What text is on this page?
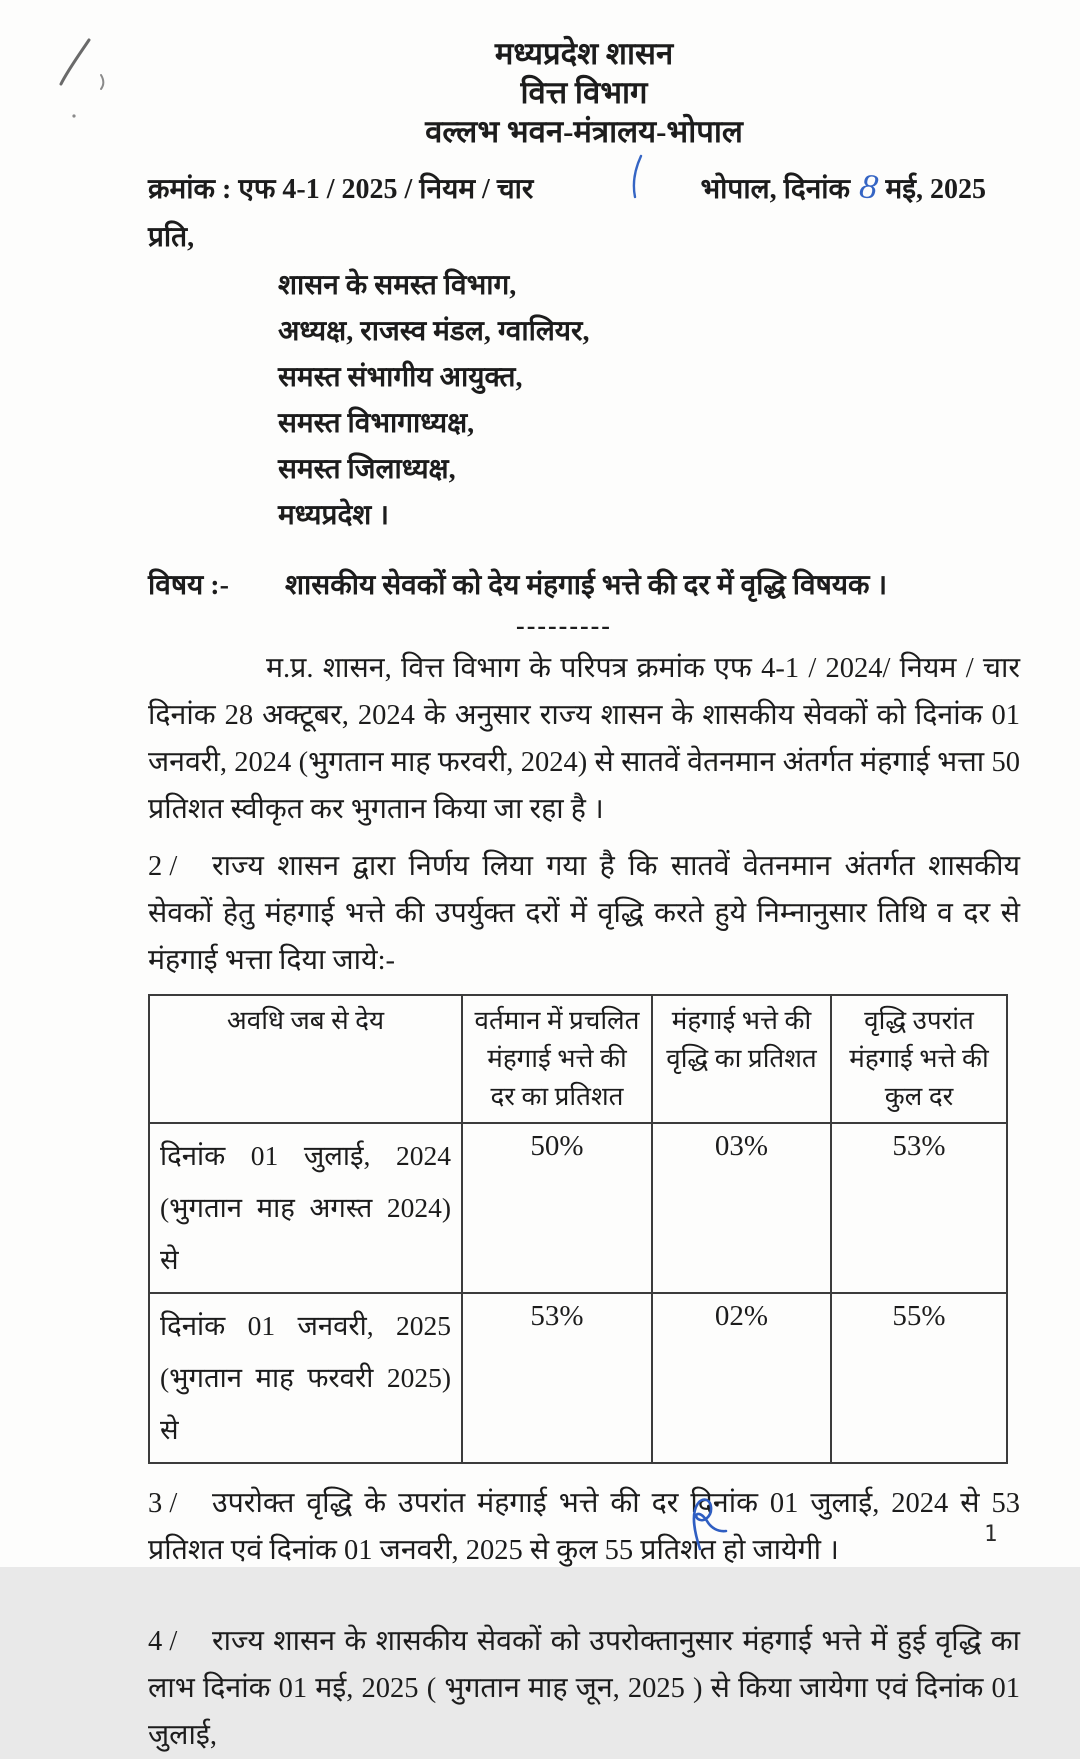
मध्यप्रदेश शासन
वित्त विभाग
वल्लभ भवन-मंत्रालय-भोपाल
क्रमांक : एफ 4-1 / 2025 / नियम / चार	भोपाल, दिनांक 8 मई, 2025
प्रति,
शासन के समस्त विभाग,
अध्यक्ष, राजस्व मंडल, ग्वालियर,
समस्त संभागीय आयुक्त,
समस्त विभागाध्यक्ष,
समस्त जिलाध्यक्ष,
मध्यप्रदेश ।
विषय :-	शासकीय सेवकों को देय मंहगाई भत्ते की दर में वृद्धि विषयक ।
---------
म.प्र. शासन, वित्त विभाग के परिपत्र क्रमांक एफ 4-1 / 2024/ नियम / चार दिनांक 28 अक्टूबर, 2024 के अनुसार राज्य शासन के शासकीय सेवकों को दिनांक 01 जनवरी, 2024 (भुगतान माह फरवरी, 2024) से सातवें वेतनमान अंतर्गत मंहगाई भत्ता 50 प्रतिशत स्वीकृत कर भुगतान किया जा रहा है ।
2 / राज्य शासन द्वारा निर्णय लिया गया है कि सातवें वेतनमान अंतर्गत शासकीय सेवकों हेतु मंहगाई भत्ते की उपर्युक्त दरों में वृद्धि करते हुये निम्नानुसार तिथि व दर से मंहगाई भत्ता दिया जाये:-
अवधि जब से देय	वर्तमान में प्रचलित मंहगाई भत्ते की दर का प्रतिशत	मंहगाई भत्ते की वृद्धि का प्रतिशत	वृद्धि उपरांत मंहगाई भत्ते की कुल दर
दिनांक 01 जुलाई, 2024 (भुगतान माह अगस्त 2024) से	50%	03%	53%
दिनांक 01 जनवरी, 2025 (भुगतान माह फरवरी 2025) से	53%	02%	55%
3 / उपरोक्त वृद्धि के उपरांत मंहगाई भत्ते की दर दिनांक 01 जुलाई, 2024 से 53 प्रतिशत एवं दिनांक 01 जनवरी, 2025 से कुल 55 प्रतिशत हो जायेगी ।
4 / राज्य शासन के शासकीय सेवकों को उपरोक्तानुसार मंहगाई भत्ते में हुई वृद्धि का लाभ दिनांक 01 मई, 2025 ( भुगतान माह जून, 2025 ) से किया जायेगा एवं दिनांक 01 जुलाई,
1
